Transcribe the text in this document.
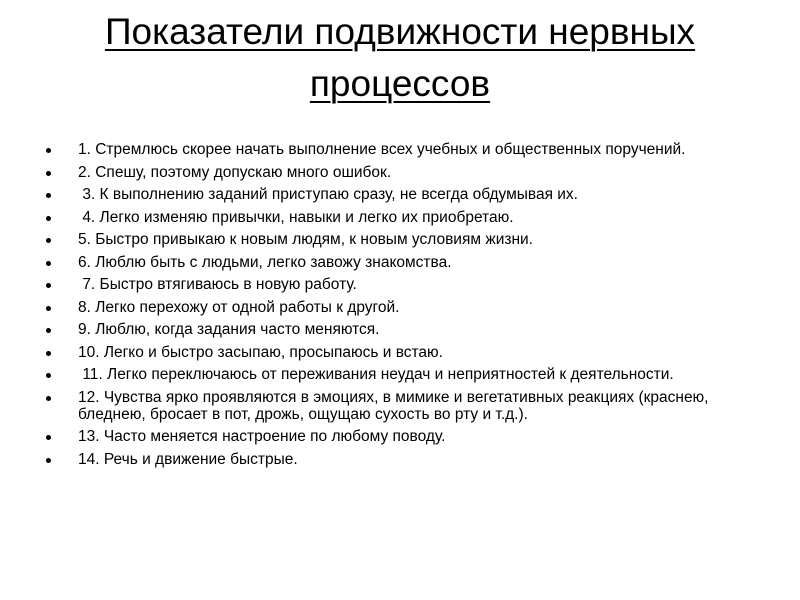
Показатели подвижности нервных процессов
1. Стремлюсь скорее начать выполнение всех учебных и общественных поручений.
2. Спешу, поэтому допускаю много ошибок.
3. К выполнению заданий приступаю сразу, не всегда обдумывая их.
4. Легко изменяю привычки, навыки и легко их приобретаю.
5. Быстро привыкаю к новым людям, к новым условиям жизни.
6. Люблю быть с людьми, легко завожу знакомства.
7. Быстро втягиваюсь в новую работу.
8. Легко перехожу от одной работы к другой.
9. Люблю, когда задания часто меняются.
10. Легко и быстро засыпаю, просыпаюсь и встаю.
11. Легко переключаюсь от переживания неудач и неприятностей к деятельности.
12. Чувства ярко проявляются в эмоциях, в мимике и вегетативных реакциях (краснею, бледнею, бросает в пот, дрожь, ощущаю сухость во рту и т.д.).
13. Часто меняется настроение по любому поводу.
14. Речь и движение быстрые.
